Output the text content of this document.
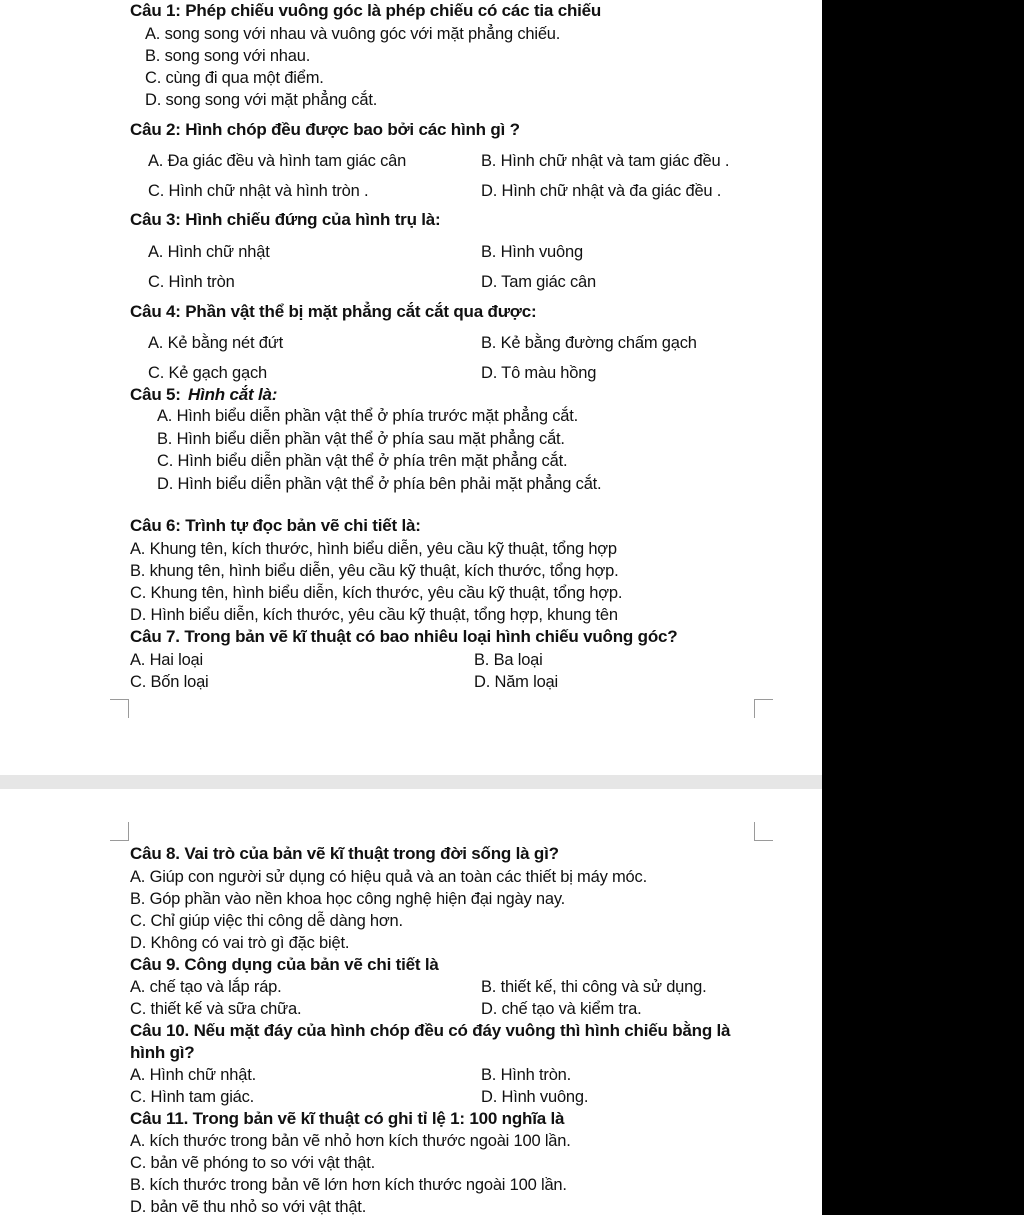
Câu 1: Phép chiếu vuông góc là phép chiếu có các tia chiếu
A. song song với nhau và vuông góc với mặt phẳng chiếu.
B. song song với nhau.
C. cùng đi qua một điểm.
D. song song với mặt phẳng cắt.
Câu 2: Hình chóp đều được bao bởi các hình gì ?
A. Đa giác đều và hình tam giác cân	B. Hình chữ nhật và tam giác đều .
C. Hình chữ nhật và hình tròn .	D. Hình chữ nhật và đa giác đều .
Câu 3: Hình chiếu đứng của hình trụ là:
A. Hình chữ nhật	B. Hình vuông
C. Hình tròn	D. Tam giác cân
Câu 4: Phần vật thể bị mặt phẳng cắt cắt qua được:
A. Kẻ bằng nét đứt	B. Kẻ bằng đường chấm gạch
C. Kẻ gạch gạch	D. Tô màu hồng
Câu 5: Hình cắt là:
A. Hình biểu diễn phần vật thể ở phía trước mặt phẳng cắt.
B. Hình biểu diễn phần vật thể ở phía sau mặt phẳng cắt.
C. Hình biểu diễn phần vật thể ở phía trên mặt phẳng cắt.
D. Hình biểu diễn phần vật thể ở phía bên phải mặt phẳng cắt.
Câu 6: Trình tự đọc bản vẽ chi tiết là:
A. Khung tên, kích thước, hình biểu diễn, yêu cầu kỹ thuật, tổng hợp
B. khung tên, hình biểu diễn, yêu cầu kỹ thuật, kích thước, tổng hợp.
C. Khung tên, hình biểu diễn, kích thước, yêu cầu kỹ thuật, tổng hợp.
D. Hình biểu diễn, kích thước, yêu cầu kỹ thuật, tổng hợp, khung tên
Câu 7. Trong bản vẽ kĩ thuật có bao nhiêu loại hình chiếu vuông góc?
A. Hai loại	B. Ba loại
C. Bốn loại	D. Năm loại
Câu 8. Vai trò của bản vẽ kĩ thuật trong đời sống là gì?
A. Giúp con người sử dụng có hiệu quả và an toàn các thiết bị máy móc.
B. Góp phần vào nền khoa học công nghệ hiện đại ngày nay.
C. Chỉ giúp việc thi công dễ dàng hơn.
D. Không có vai trò gì đặc biệt.
Câu 9. Công dụng của bản vẽ chi tiết là
A. chế tạo và lắp ráp.	B. thiết kế, thi công và sử dụng.
C. thiết kế và sữa chữa.	D. chế tạo và kiểm tra.
Câu 10. Nếu mặt đáy của hình chóp đều có đáy vuông thì hình chiếu bằng là
hình gì?
A. Hình chữ nhật.	B. Hình tròn.
C. Hình tam giác.	D. Hình vuông.
Câu 11. Trong bản vẽ kĩ thuật có ghi tỉ lệ 1: 100 nghĩa là
A. kích thước trong bản vẽ nhỏ hơn kích thước ngoài 100 lần.
C. bản vẽ phóng to so với vật thật.
B. kích thước trong bản vẽ lớn hơn kích thước ngoài 100 lần.
D. bản vẽ thu nhỏ so với vật thật.
